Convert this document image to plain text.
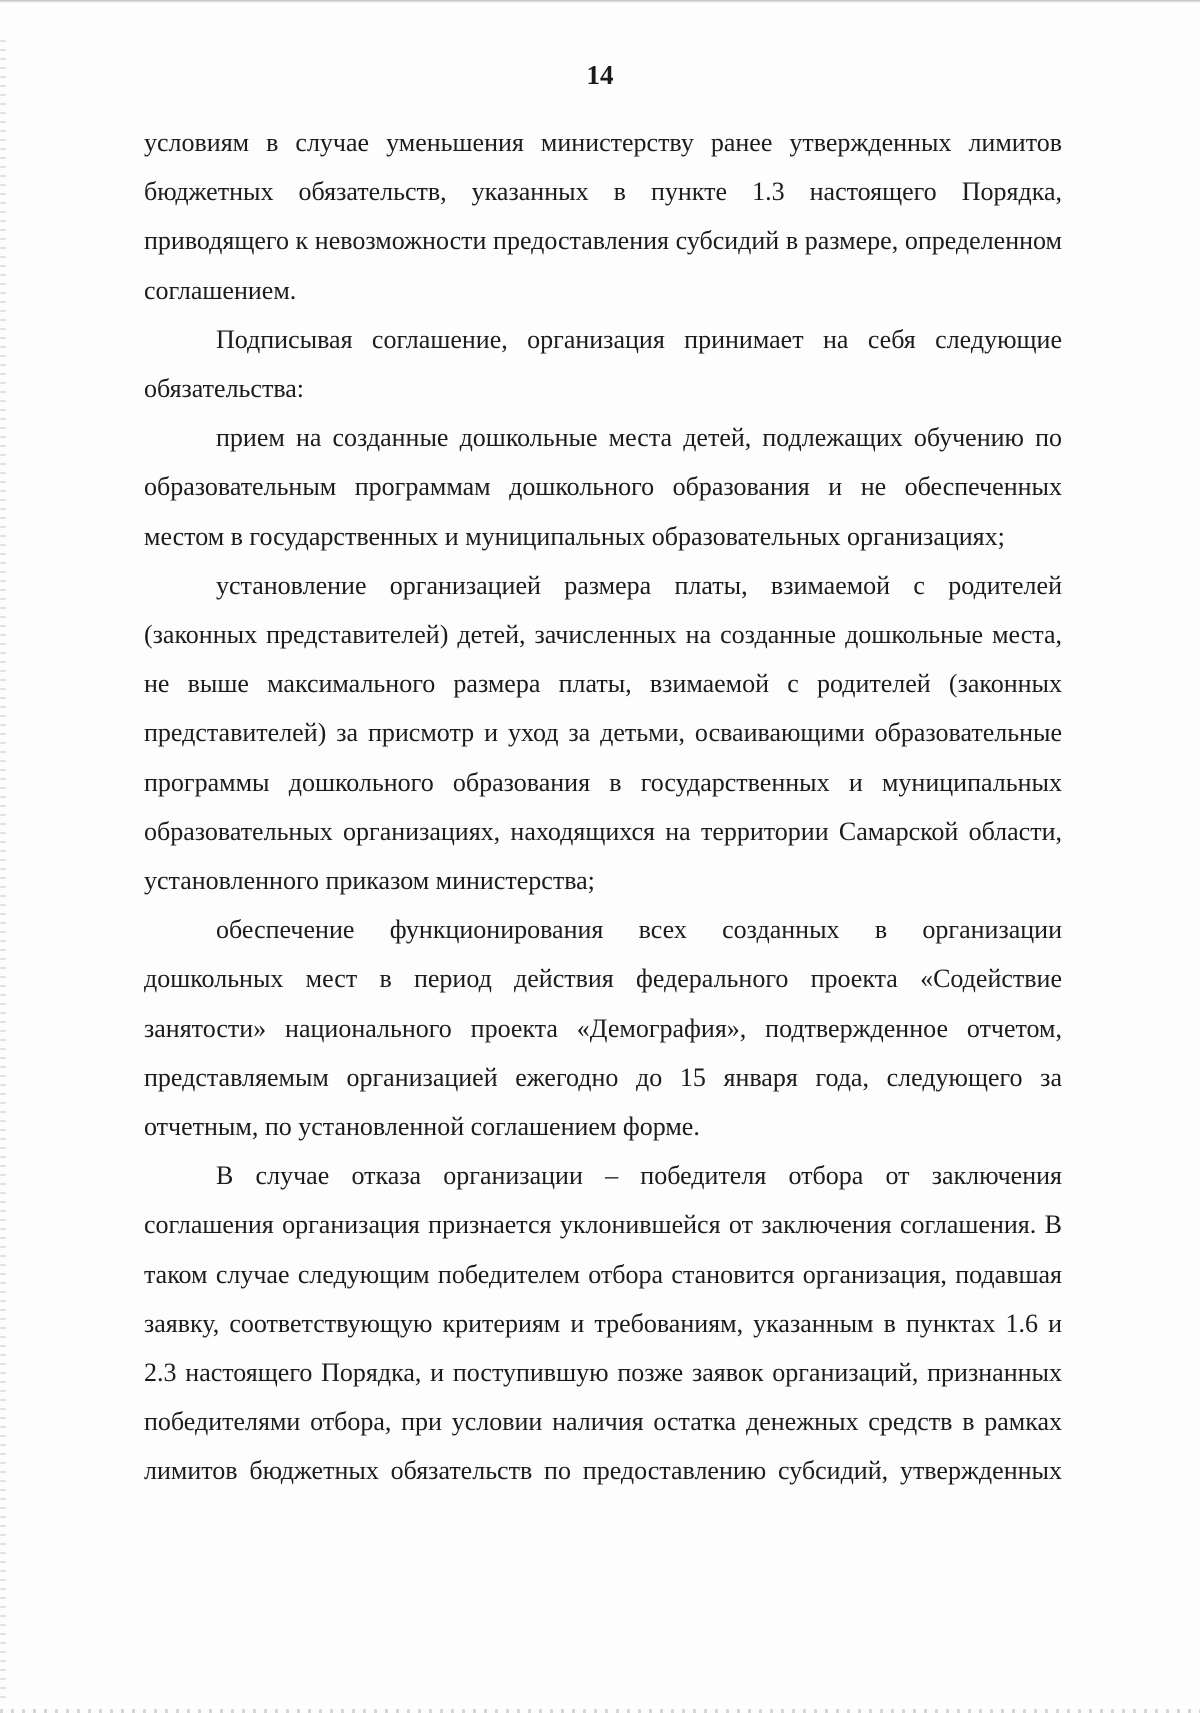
14

условиям в случае уменьшения министерству ранее утвержденных лимитов бюджетных обязательств, указанных в пункте 1.3 настоящего Порядка, приводящего к невозможности предоставления субсидий в размере, определенном соглашением.

Подписывая соглашение, организация принимает на себя следующие обязательства:

прием на созданные дошкольные места детей, подлежащих обучению по образовательным программам дошкольного образования и не обеспеченных местом в государственных и муниципальных образовательных организациях;

установление организацией размера платы, взимаемой с родителей (законных представителей) детей, зачисленных на созданные дошкольные места, не выше максимального размера платы, взимаемой с родителей (законных представителей) за присмотр и уход за детьми, осваивающими образовательные программы дошкольного образования в государственных и муниципальных образовательных организациях, находящихся на территории Самарской области, установленного приказом министерства;

обеспечение функционирования всех созданных в организации дошкольных мест в период действия федерального проекта «Содействие занятости» национального проекта «Демография», подтвержденное отчетом, представляемым организацией ежегодно до 15 января года, следующего за отчетным, по установленной соглашением форме.

В случае отказа организации – победителя отбора от заключения соглашения организация признается уклонившейся от заключения соглашения. В таком случае следующим победителем отбора становится организация, подавшая заявку, соответствующую критериям и требованиям, указанным в пунктах 1.6 и 2.3 настоящего Порядка, и поступившую позже заявок организаций, признанных победителями отбора, при условии наличия остатка денежных средств в рамках лимитов бюджетных обязательств по предоставлению субсидий, утвержденных
